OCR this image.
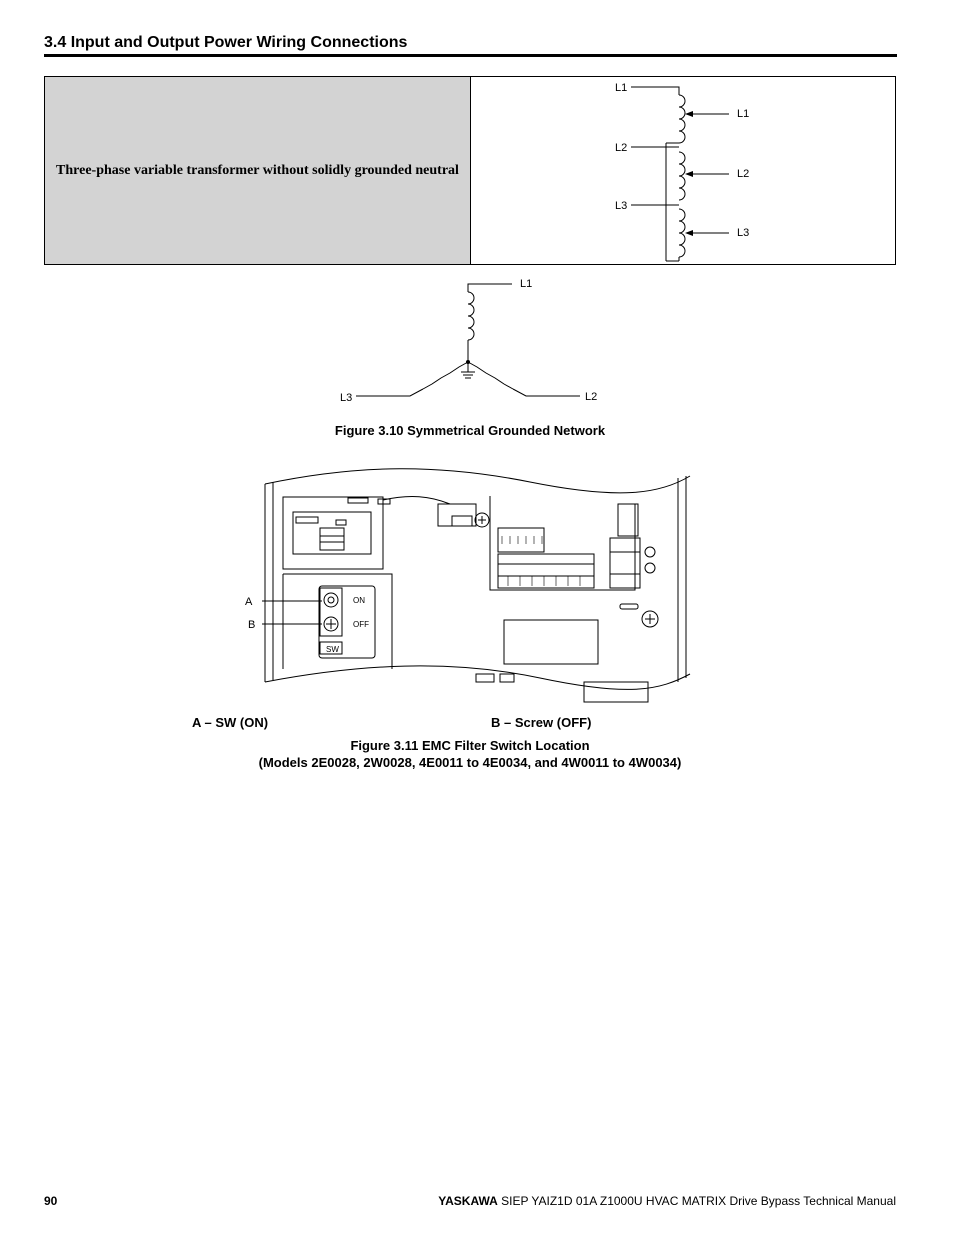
3.4 Input and Output Power Wiring Connections
Three-phase variable transformer without solidly grounded neutral
L1
L2
L3
L1
L2
L3
L1
L3	L2
Figure 3.10 Symmetrical Grounded Network
A
B
ON
OFF
SW
A – SW (ON)	B – Screw (OFF)
Figure 3.11 EMC Filter Switch Location
(Models 2E0028, 2W0028, 4E0011 to 4E0034, and 4W0011 to 4W0034)
90	YASKAWA SIEP YAIZ1D 01A Z1000U HVAC MATRIX Drive Bypass Technical Manual
